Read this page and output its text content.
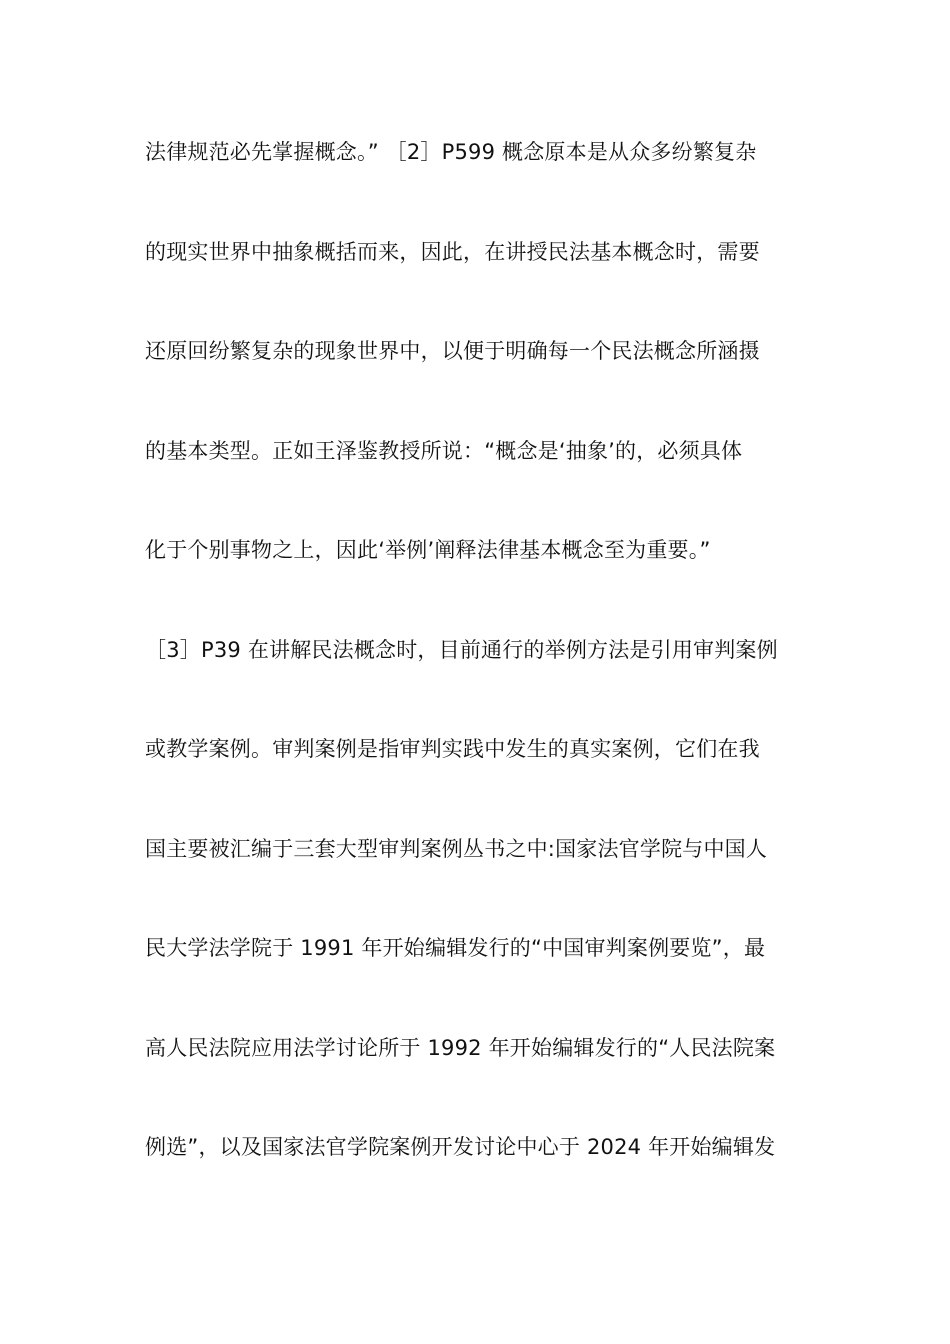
法律规范必先掌握概念。” ［2］P599 概念原本是从众多纷繁复杂
的现实世界中抽象概括而来，因此，在讲授民法基本概念时，需要
还原回纷繁复杂的现象世界中，以便于明确每一个民法概念所涵摄
的基本类型。正如王泽鉴教授所说：“概念是‘抽象’的，必须具体
化于个别事物之上，因此‘举例’阐释法律基本概念至为重要。”
［3］P39 在讲解民法概念时，目前通行的举例方法是引用审判案例
或教学案例。审判案例是指审判实践中发生的真实案例，它们在我
国主要被汇编于三套大型审判案例丛书之中:国家法官学院与中国人
民大学法学院于 1991 年开始编辑发行的“中国审判案例要览”，最
高人民法院应用法学讨论所于 1992 年开始编辑发行的“人民法院案
例选”，以及国家法官学院案例开发讨论中心于 2024 年开始编辑发
